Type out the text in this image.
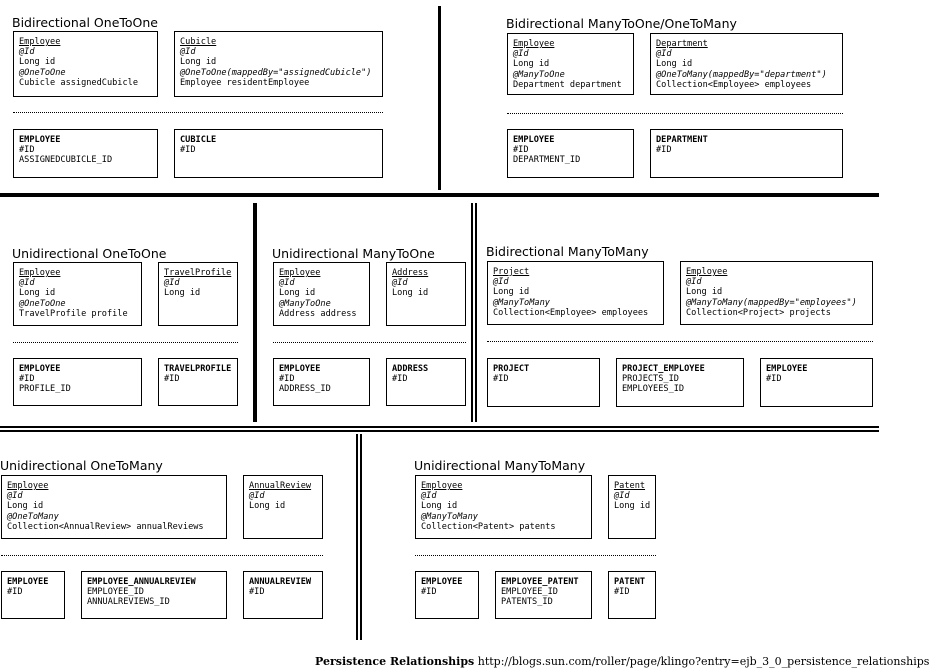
Bidirectional OneToOne
Employee
@Id
Long id
@OneToOne
Cubicle assignedCubicle
Cubicle
@Id
Long id
@OneToOne(mappedBy="assignedCubicle")
Employee residentEmployee
EMPLOYEE
#ID
ASSIGNEDCUBICLE_ID
CUBICLE
#ID
Bidirectional ManyToOne/OneToMany
Employee
@Id
Long id
@ManyToOne
Department department
Department
@Id
Long id
@OneToMany(mappedBy="department")
Collection<Employee> employees
EMPLOYEE
#ID
DEPARTMENT_ID
DEPARTMENT
#ID
Unidirectional OneToOne
Employee
@Id
Long id
@OneToOne
TravelProfile profile
TravelProfile
@Id
Long id
EMPLOYEE
#ID
PROFILE_ID
TRAVELPROFILE
#ID
Unidirectional ManyToOne
Employee
@Id
Long id
@ManyToOne
Address address
Address
@Id
Long id
EMPLOYEE
#ID
ADDRESS_ID
ADDRESS
#ID
Bidirectional ManyToMany
Project
@Id
Long id
@ManyToMany
Collection<Employee> employees
Employee
@Id
Long id
@ManyToMany(mappedBy="employees")
Collection<Project> projects
PROJECT
#ID
PROJECT_EMPLOYEE
PROJECTS_ID
EMPLOYEES_ID
EMPLOYEE
#ID
Unidirectional OneToMany
Employee
@Id
Long id
@OneToMany
Collection<AnnualReview> annualReviews
AnnualReview
@Id
Long id
EMPLOYEE
#ID
EMPLOYEE_ANNUALREVIEW
EMPLOYEE_ID
ANNUALREVIEWS_ID
ANNUALREVIEW
#ID
Unidirectional ManyToMany
Employee
@Id
Long id
@ManyToMany
Collection<Patent> patents
Patent
@Id
Long id
EMPLOYEE
#ID
EMPLOYEE_PATENT
EMPLOYEE_ID
PATENTS_ID
PATENT
#ID
Persistence Relationships http://blogs.sun.com/roller/page/klingo?entry=ejb_3_0_persistence_relationships
